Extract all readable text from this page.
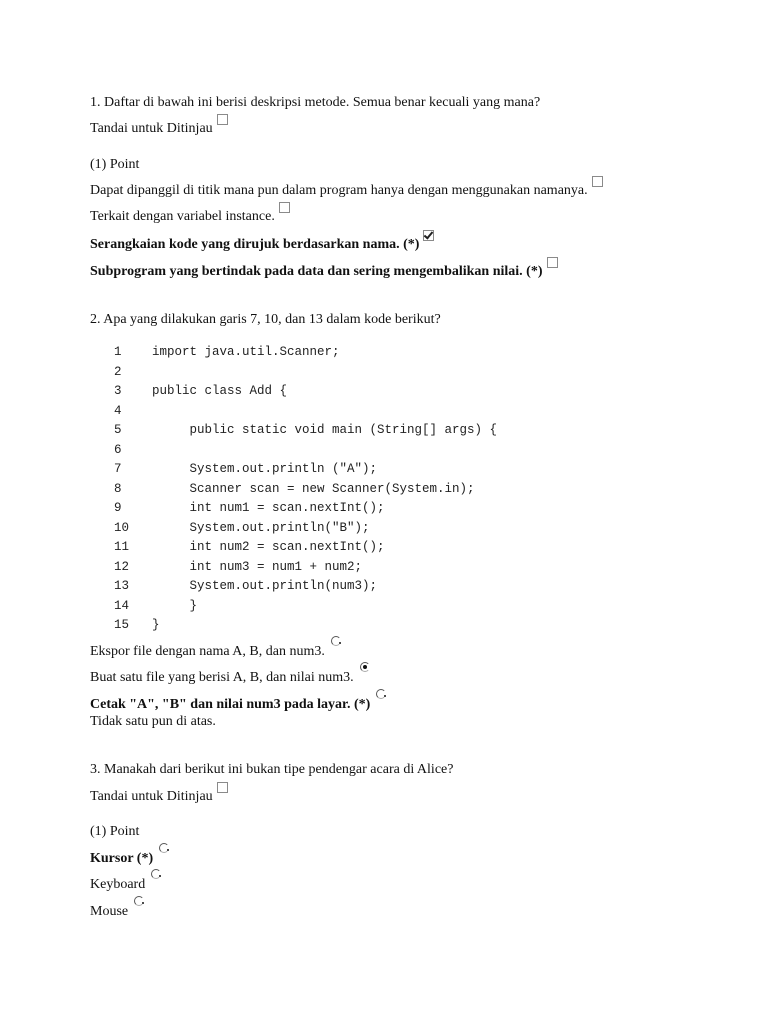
1. Daftar di bawah ini berisi deskripsi metode. Semua benar kecuali yang mana?
Tandai untuk Ditinjau
(1) Point
Dapat dipanggil di titik mana pun dalam program hanya dengan menggunakan namanya.
Terkait dengan variabel instance.
Serangkaian kode yang dirujuk berdasarkan nama. (*)
Subprogram yang bertindak pada data dan sering mengembalikan nilai. (*)
2. Apa yang dilakukan garis 7, 10, dan 13 dalam kode berikut?
1	import java.util.Scanner;
2
3	public class Add {
4
5	public static void main (String[] args) {
6
7	System.out.println ("A");
8	Scanner scan = new Scanner(System.in);
9	int num1 = scan.nextInt();
10	System.out.println("B");
11	int num2 = scan.nextInt();
12	int num3 = num1 + num2;
13	System.out.println(num3);
14	}
15	}
Ekspor file dengan nama A, B, dan num3.
Buat satu file yang berisi A, B, dan nilai num3.
Cetak "A", "B" dan nilai num3 pada layar. (*)
Tidak satu pun di atas.
3. Manakah dari berikut ini bukan tipe pendengar acara di Alice?
Tandai untuk Ditinjau
(1) Point
Kursor (*)
Keyboard
Mouse
